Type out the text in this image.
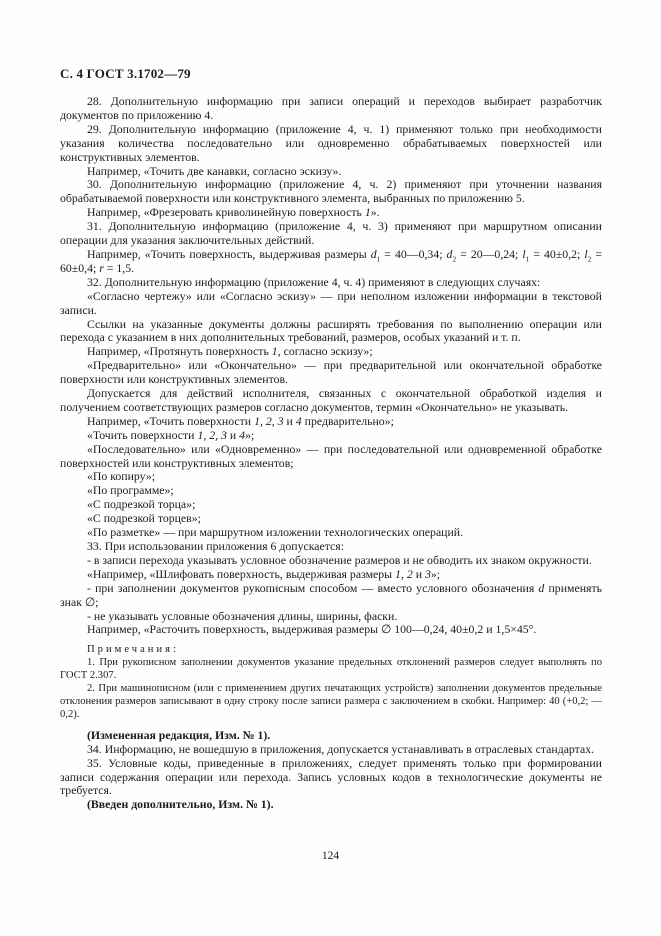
С. 4 ГОСТ 3.1702—79

28. Дополнительную информацию при записи операций и переходов выбирает разработчик документов по приложению 4.

29. Дополнительную информацию (приложение 4, ч. 1) применяют только при необходимости указания количества последовательно или одновременно обрабатываемых поверхностей или конструктивных элементов.

Например, «Точить две канавки, согласно эскизу».

30. Дополнительную информацию (приложение 4, ч. 2) применяют при уточнении названия обрабатываемой поверхности или конструктивного элемента, выбранных по приложению 5.

Например, «Фрезеровать криволинейную поверхность 1».

31. Дополнительную информацию (приложение 4, ч. 3) применяют при маршрутном описании операции для указания заключительных действий.

Например, «Точить поверхность, выдерживая размеры $d_1$ = 40—0,34; $d_2$ = 20—0,24; $l_1 = 40\pm 0,2$; $l_2 = 60\pm 0,4$; r = 1,5.

32. Дополнительную информацию (приложение 4, ч. 4) применяют в следующих случаях:

«Согласно чертежу» или «Согласно эскизу» — при неполном изложении информации в текстовой записи.

Ссылки на указанные документы должны расширять требования по выполнению операции или перехода с указанием в них дополнительных требований, размеров, особых указаний и т. п.

Например, «Протянуть поверхность 1, согласно эскизу»;

«Предварительно» или «Окончательно» — при предварительной или окончательной обработке поверхности или конструктивных элементов.

Допускается для действий исполнителя, связанных с окончательной обработкой изделия и получением соответствующих размеров согласно документов, термин «Окончательно» не указывать.

Например, «Точить поверхности 1, 2, 3 и 4 предварительно»;

«Точить поверхности 1, 2, 3 и 4»;

«Последовательно» или «Одновременно» — при последовательной или одновременной обработке поверхностей или конструктивных элементов;

«По копиру»;

«По программе»;

«С подрезкой торца»;

«С подрезкой торцев»;

«По разметке» — при маршрутном изложении технологических операций.

33. При использовании приложения 6 допускается:

- в записи перехода указывать условное обозначение размеров и не обводить их знаком окружности.

«Например, «Шлифовать поверхность, выдерживая размеры 1, 2 и 3»;

- при заполнении документов рукописным способом — вместо условного обозначения d применять знак ∅;

- не указывать условные обозначения длины, ширины, фаски.

Например, «Расточить поверхность, выдерживая размеры ∅ 100—0,24, 40±0,2 и 1,5×45°.

Примечания:

1. При рукописном заполнении документов указание предельных отклонений размеров следует выполнять по ГОСТ 2.307.

2. При машинописном (или с применением других печатающих устройств) заполнении документов предельные отклонения размеров записывают в одну строку после записи размера с заключением в скобки. Например: 40 (+0,2; —0,2).

(Измененная редакция, Изм. № 1).

34. Информацию, не вошедшую в приложения, допускается устанавливать в отраслевых стандартах.

35. Условные коды, приведенные в приложениях, следует применять только при формировании записи содержания операции или перехода. Запись условных кодов в технологические документы не требуется.

(Введен дополнительно, Изм. № 1).

124
